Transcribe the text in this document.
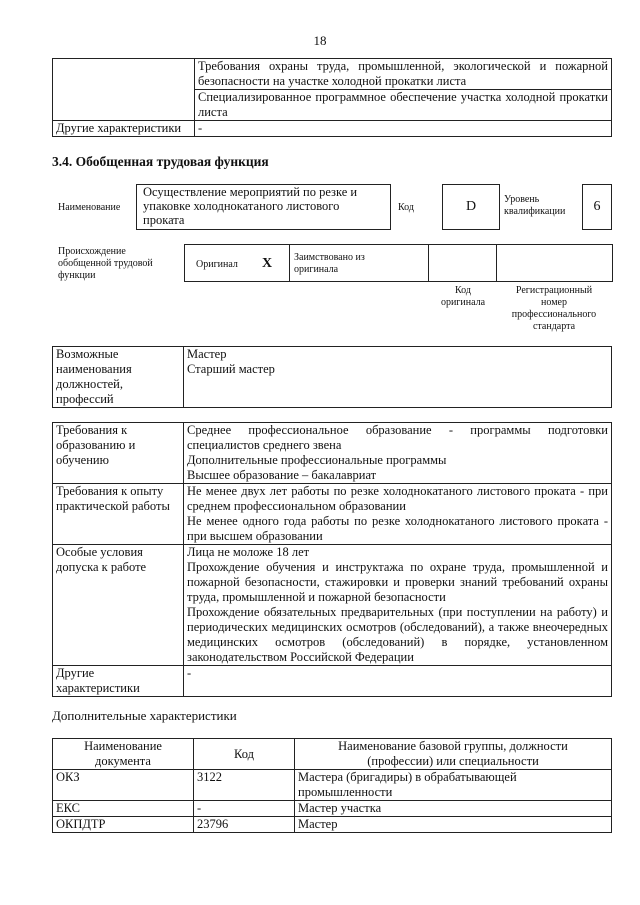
18
	Требования охраны труда, промышленной, экологической и пожарной безопасности на участке холодной прокатки листа
	Специализированное программное обеспечение участка холодной прокатки листа
Другие характеристики	-
3.4. Обобщенная трудовая функция
Наименование
Осуществление мероприятий по резке и
упаковке холоднокатаного листового
проката
Код	D	Уровень
квалификации	6
Происхождение
обобщенной трудовой
функции
Оригинал X Заимствовано из
оригинала
Код
оригинала
Регистрационный
номер
профессионального
стандарта
Возможные
наименования
должностей,
профессий	Мастер
Старший мастер
Требования к
образованию и
обучению	Среднее профессиональное образование - программы подготовки специалистов среднего звена
Дополнительные профессиональные программы
Высшее образование – бакалавриат
Требования к опыту
практической работы	Не менее двух лет работы по резке холоднокатаного листового проката - при среднем профессиональном образовании
Не менее одного года работы по резке холоднокатаного листового проката - при высшем образовании
Особые условия
допуска к работе	Лица не моложе 18 лет
Прохождение обучения и инструктажа по охране труда, промышленной и пожарной безопасности, стажировки и проверки знаний требований охраны труда, промышленной и пожарной безопасности
Прохождение обязательных предварительных (при поступлении на работу) и периодических медицинских осмотров (обследований), а также внеочередных медицинских осмотров (обследований) в порядке, установленном законодательством Российской Федерации
Другие
характеристики	-
Дополнительные характеристики
Наименование
документа	Код	Наименование базовой группы, должности
(профессии) или специальности
ОКЗ	3122	Мастера (бригадиры) в обрабатывающей
промышленности
ЕКС	-	Мастер участка
ОКПДТР	23796	Мастер
